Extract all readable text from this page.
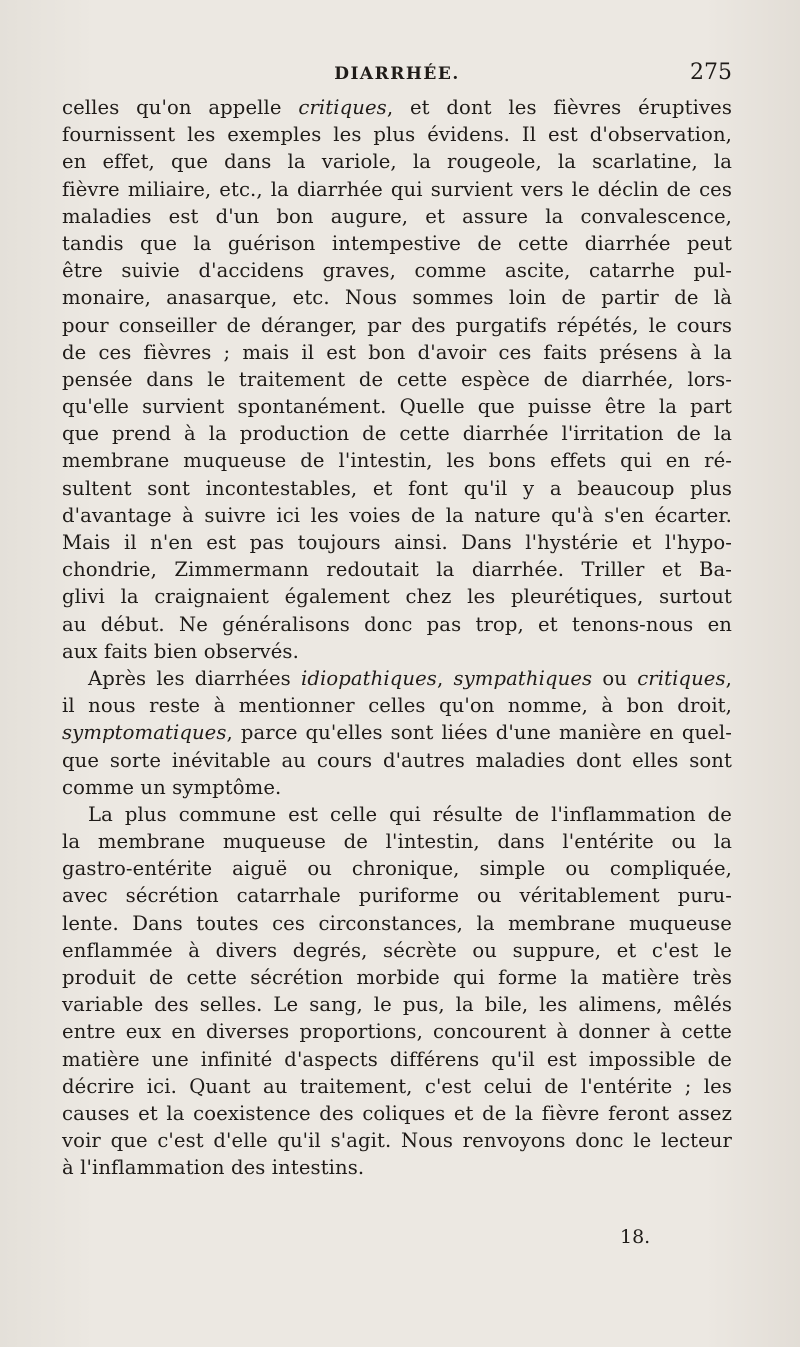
DIARRHÉE.	275
celles qu'on appelle critiques, et dont les fièvres éruptives
fournissent les exemples les plus évidens. Il est d'observation,
en effet, que dans la variole, la rougeole, la scarlatine, la
fièvre miliaire, etc., la diarrhée qui survient vers le déclin de ces
maladies est d'un bon augure, et assure la convalescence,
tandis que la guérison intempestive de cette diarrhée peut
être suivie d'accidens graves, comme ascite, catarrhe pul-
monaire, anasarque, etc. Nous sommes loin de partir de là
pour conseiller de déranger, par des purgatifs répétés, le cours
de ces fièvres ; mais il est bon d'avoir ces faits présens à la
pensée dans le traitement de cette espèce de diarrhée, lors-
qu'elle survient spontanément. Quelle que puisse être la part
que prend à la production de cette diarrhée l'irritation de la
membrane muqueuse de l'intestin, les bons effets qui en ré-
sultent sont incontestables, et font qu'il y a beaucoup plus
d'avantage à suivre ici les voies de la nature qu'à s'en écarter.
Mais il n'en est pas toujours ainsi. Dans l'hystérie et l'hypo-
chondrie, Zimmermann redoutait la diarrhée. Triller et Ba-
glivi la craignaient également chez les pleurétiques, surtout
au début. Ne généralisons donc pas trop, et tenons-nous en
aux faits bien observés.
Après les diarrhées idiopathiques, sympathiques ou critiques,
il nous reste à mentionner celles qu'on nomme, à bon droit,
symptomatiques, parce qu'elles sont liées d'une manière en quel-
que sorte inévitable au cours d'autres maladies dont elles sont
comme un symptôme.
La plus commune est celle qui résulte de l'inflammation de
la membrane muqueuse de l'intestin, dans l'entérite ou la
gastro-entérite aiguë ou chronique, simple ou compliquée,
avec sécrétion catarrhale puriforme ou véritablement puru-
lente. Dans toutes ces circonstances, la membrane muqueuse
enflammée à divers degrés, sécrète ou suppure, et c'est le
produit de cette sécrétion morbide qui forme la matière très
variable des selles. Le sang, le pus, la bile, les alimens, mêlés
entre eux en diverses proportions, concourent à donner à cette
matière une infinité d'aspects différens qu'il est impossible de
décrire ici. Quant au traitement, c'est celui de l'entérite ; les
causes et la coexistence des coliques et de la fièvre feront assez
voir que c'est d'elle qu'il s'agit. Nous renvoyons donc le lecteur
à l'inflammation des intestins.
18.
